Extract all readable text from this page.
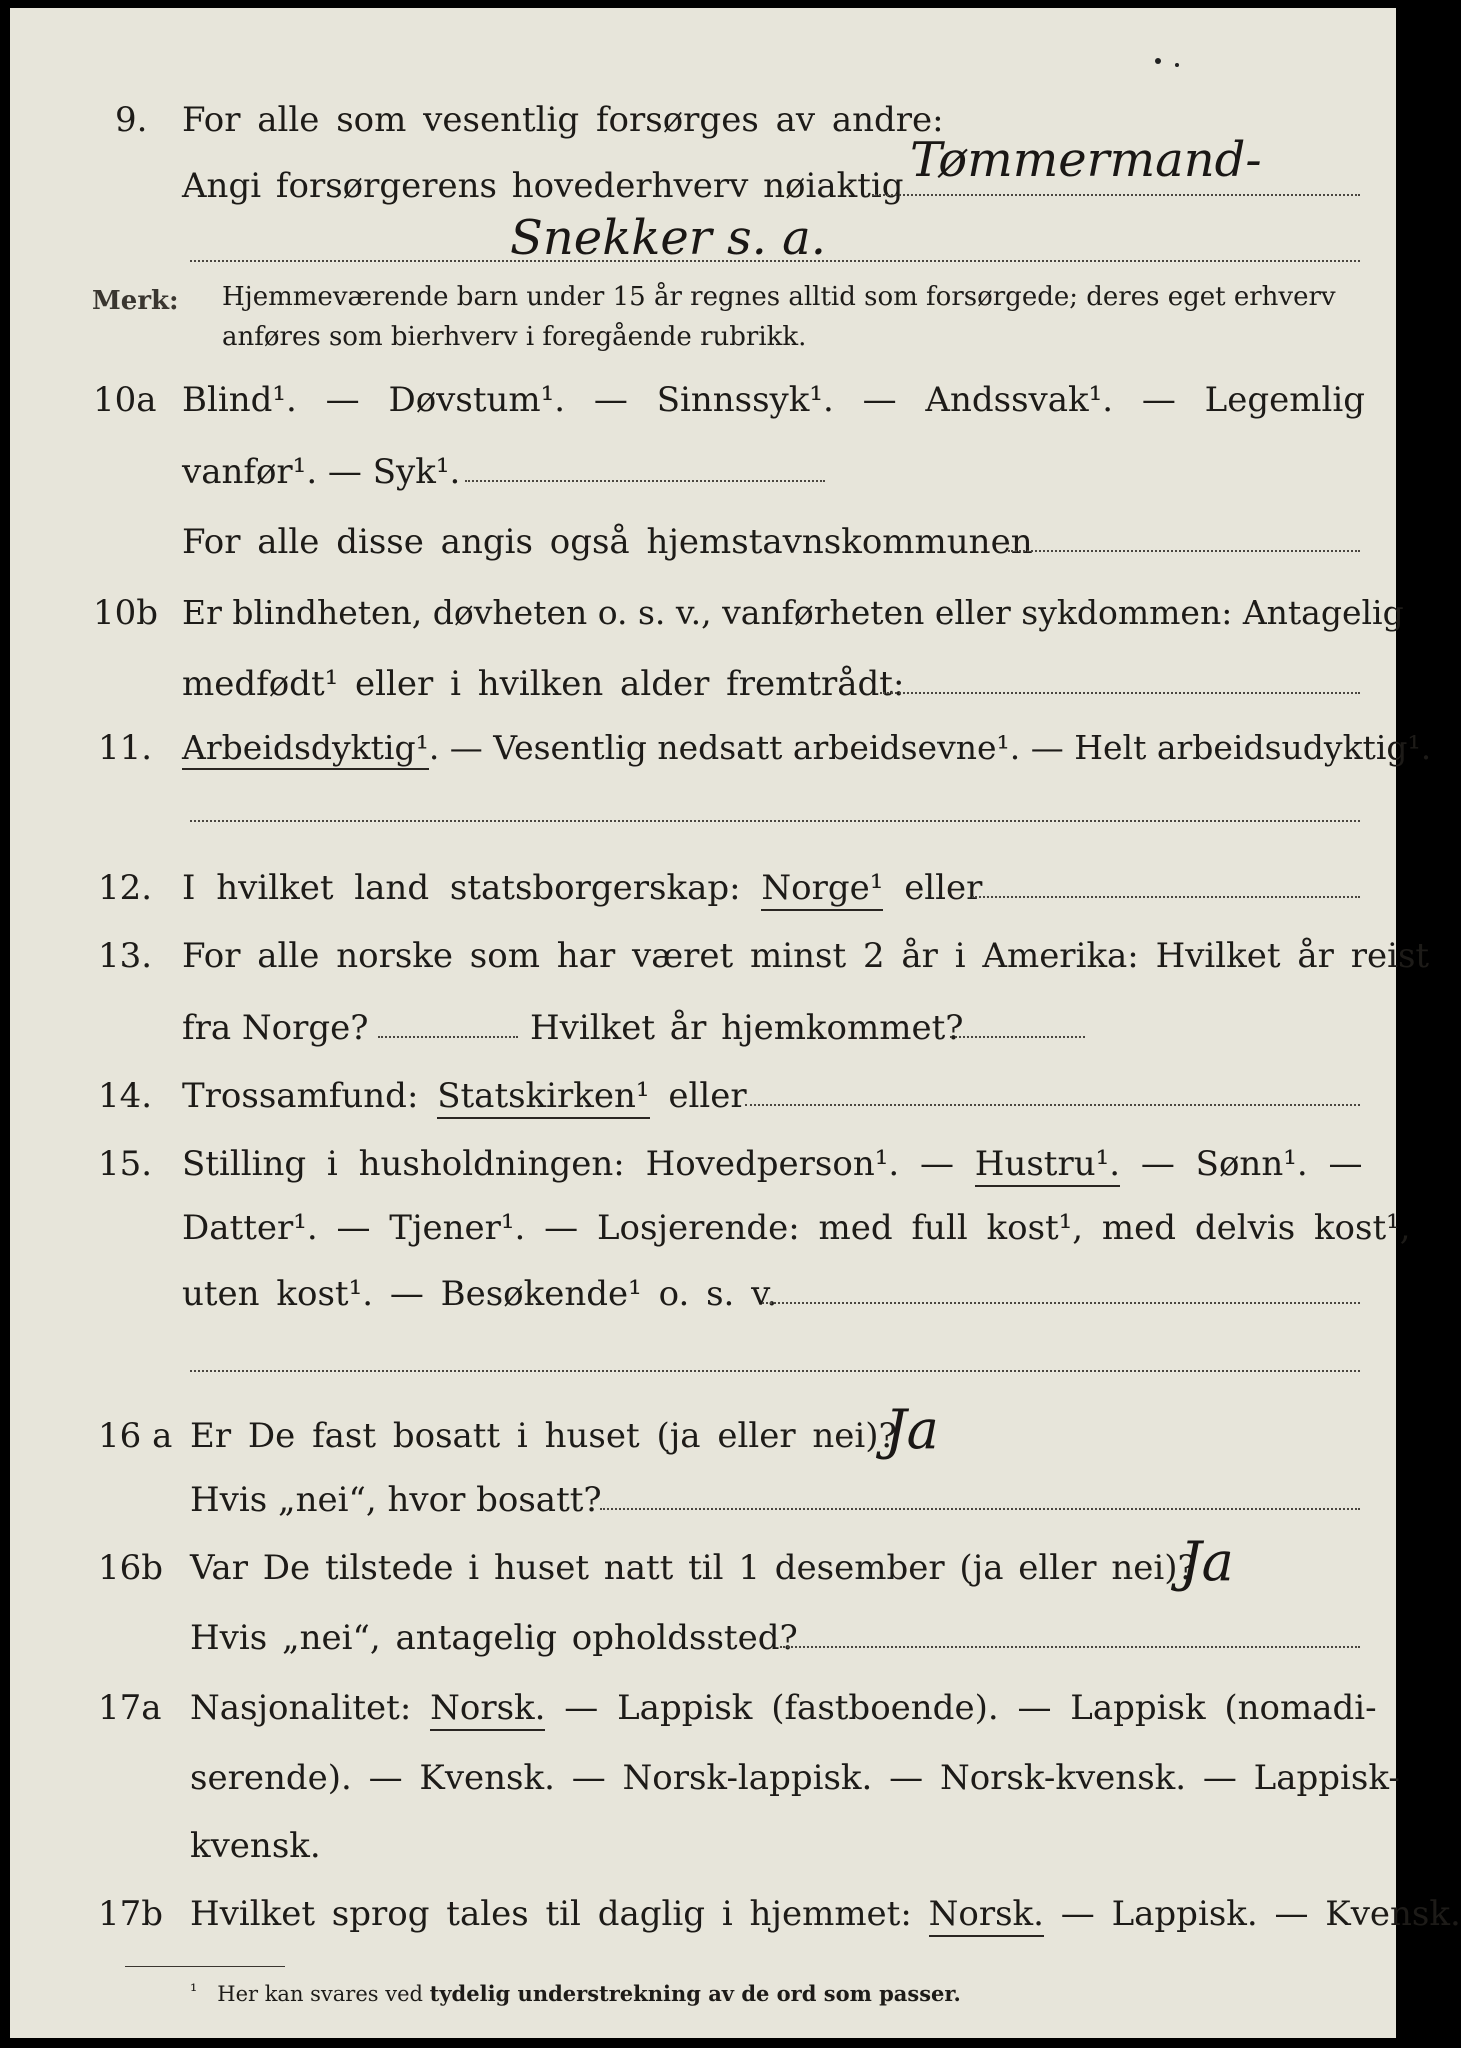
9. For alle som vesentlig forsørges av andre:
Angi forsørgerens hovederhverv nøiaktig Tømmermand-
Snekker s. a.
Merk: Hjemmeværende barn under 15 år regnes alltid som forsørgede; deres eget erhverv
anføres som bierhverv i foregående rubrikk.
10a Blind¹. — Døvstum¹. — Sinnssyk¹. — Andssvak¹. — Legemlig
vanfør¹. — Syk¹.
For alle disse angis også hjemstavnskommunen
10b Er blindheten, døvheten o. s. v., vanførheten eller sykdommen: Antagelig
medfødt¹ eller i hvilken alder fremtrådt:
11. Arbeidsdyktig¹. — Vesentlig nedsatt arbeidsevne¹. — Helt arbeidsudyktig¹.
12. I hvilket land statsborgerskap: Norge¹ eller
13. For alle norske som har været minst 2 år i Amerika: Hvilket år reist
fra Norge?	Hvilket år hjemkommet?
14. Trossamfund: Statskirken¹ eller
15. Stilling i husholdningen: Hovedperson¹. — Hustru¹. — Sønn¹. —
Datter¹. — Tjener¹. — Losjerende: med full kost¹, med delvis kost¹,
uten kost¹. — Besøkende¹ o. s. v.
16 a Er De fast bosatt i huset (ja eller nei)?
Ja
Hvis „nei“, hvor bosatt?
16b Var De tilstede i huset natt til 1 desember (ja eller nei)?
Ja
Hvis „nei“, antagelig opholdssted?
17a Nasjonalitet: Norsk. — Lappisk (fastboende). — Lappisk (nomadi-
serende). — Kvensk. — Norsk-lappisk. — Norsk-kvensk. — Lappisk-
kvensk.
17b Hvilket sprog tales til daglig i hjemmet: Norsk. — Lappisk. — Kvensk.
$^{^1}$ Her kan svares ved tydelig understrekning av de ord som passer.
